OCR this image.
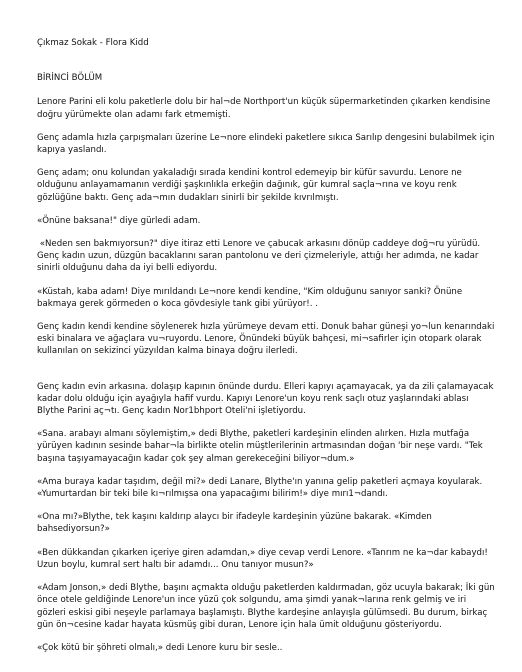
Çıkmaz Sokak - Flora Kidd
BİRİNCİ BÖLÜM

Lenore Parini eli kolu paketlerle dolu bir hal¬de Northport'un küçük süpermarketinden çıkarken kendisine doğru yürümekte olan adamı fark etmemişti.

Genç adamla hızla çarpışmaları üzerine Le¬nore elindeki paketlere sıkıca Sarılıp dengesini bulabilmek için kapıya yaslandı.

Genç adam; onu kolundan yakaladığı sırada kendini kontrol edemeyip bir küfür savurdu. Lenore ne olduğunu anlayamamanın verdiği şaşkınlıkla erkeğin dağınık, gür kumral saçla¬rına ve koyu renk gözlüğüne baktı. Genç ada¬mın dudakları sinirli bir şekilde kıvrılmıştı.

«Önüne baksana!" diye gürledi adam.

«Neden sen bakmıyorsun?" diye itiraz etti Lenore ve çabucak arkasını dönüp caddeye doğ¬ru yürüdü. Genç kadın uzun, düzgün bacaklarını saran pantolonu ve deri çizmeleriyle, attığı her adımda, ne kadar sinirli olduğunu daha da iyi belli ediyordu.

«Küstah, kaba adam! Diye mırıldandı Le¬nore kendi kendine, "Kim olduğunu sanıyor sanki? Önüne bakmaya gerek görmeden o koca gövdesiyle tank gibi yürüyor!. .

Genç kadın kendi kendine söylenerek hızla yürümeye devam etti. Donuk bahar güneşi yo¬lun kenarındaki eski binalara ve ağaçlara vu¬ruyordu. Lenore, Önündeki büyük bahçesi, mi¬safirler için otopark olarak kullanılan on sekizinci yüzyıldan kalma binaya doğru ilerledi.

Genç kadın evin arkasına. dolaşıp kapının önünde durdu. Elleri kapıyı açamayacak, ya da zili çalamayacak kadar dolu olduğu için ayağıyla hafif vurdu. Kapıyı Lenore'un koyu renk saçlı otuz yaşlarındaki ablası Blythe Parini aç¬tı. Genç kadın Nor1bhport Oteli'ni işletiyordu.

«Sana. arabayı almanı söylemiştim,» dedi Blythe, paketleri kardeşinin elinden alırken. Hızla mutfağa yürüyen kadının sesinde bahar¬la birlikte otelin müştlerilerinin artmasından doğan 'bir neşe vardı. "Tek başına taşıyamayacağın kadar çok şey alman gerekeceğini biliyor¬dum.»

«Ama buraya kadar taşıdım, değil mi?» dedi Lanare, Blythe'ın yanına gelip paketleri açmaya koyularak. «Yumurtardan bir teki bile kı¬rılmışsa ona yapacağımı bilirim!» diye mırı1¬dandı.

«Ona mı?»Blythe, tek kaşını kaldırıp alaycı bir ifadeyle kardeşinin yüzüne bakarak. «Kimden bahsediyorsun?»

«Ben dükkandan çıkarken içeriye giren adamdan,» diye cevap verdi Lenore. «Tanrım ne ka¬dar kabaydı! Uzun boylu, kumral sert haltı bir adamdı... Onu tanıyor musun?»

«Adam Jonson,» dedi Blythe, başını açmakta olduğu paketlerden kaldırmadan, göz ucuyla bakarak; İki gün önce otele geldiğinde Lenore'un ince yüzü çok solgundu, ama şimdi yanak¬larına renk gelmiş ve iri gözleri eskisi gibi neşeyle parlamaya başlamıştı. Blythe kardeşine anlayışla gülümsedi. Bu durum, birkaç gün ön¬cesine kadar hayata küsmüş gibi duran, Lenore için hala ümit olduğunu gösteriyordu.

«Çok kötü bir şöhreti olmalı,» dedi Lenore kuru bir sesle..
